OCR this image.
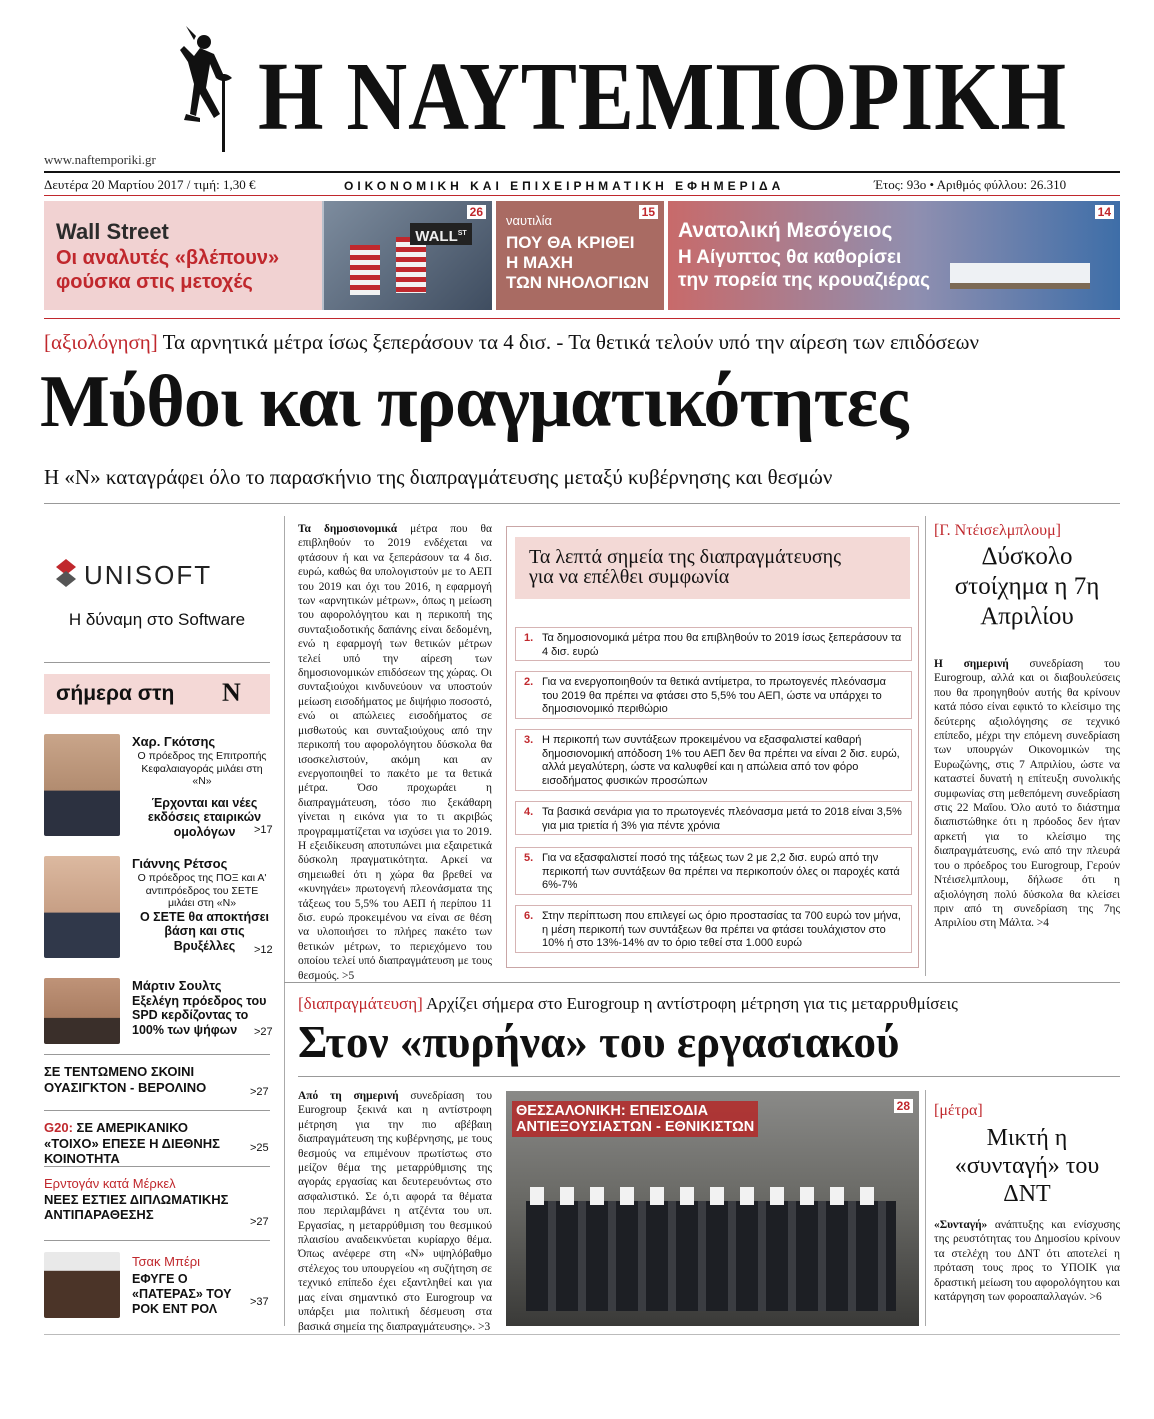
Η ΝΑΥΤΕΜΠΟΡΙΚΗ
www.naftemporiki.gr
Δευτέρα 20 Μαρτίου 2017 / τιμή: 1,30 €	ΟΙΚΟΝΟΜΙΚΗ ΚΑΙ ΕΠΙΧΕΙΡΗΜΑΤΙΚΗ ΕΦΗΜΕΡΙΔΑ	Έτος: 93ο • Αριθμός φύλλου: 26.310
Wall Street
Οι αναλυτές «βλέπουν»
φούσκα στις μετοχές
$WALL^{ST}$
26
ναυτιλία
ΠΟΥ ΘΑ ΚΡΙΘΕΙ
Η ΜΑΧΗ
ΤΩΝ ΝΗΟΛΟΓΙΩΝ
15
Ανατολική Μεσόγειος
Η Αίγυπτος θα καθορίσει
την πορεία της κρουαζιέρας
14
[αξιολόγηση] Τα αρνητικά μέτρα ίσως ξεπεράσουν τα 4 δισ. - Τα θετικά τελούν υπό την αίρεση των επιδόσεων
Μύθοι και πραγματικότητες
Η «Ν» καταγράφει όλο το παρασκήνιο της διαπραγμάτευσης μεταξύ κυβέρνησης και θεσμών
UNISOFT
Η δύναμη στο Software
σήμερα στη Ν
Χαρ. Γκότσης
Ο πρόεδρος της Επιτροπής Κεφαλαιαγοράς μιλάει στη «Ν»
Έρχονται και νέες εκδόσεις εταιρικών ομολόγων	>17
Γιάννης Ρέτσος
Ο πρόεδρος της ΠΟΞ και Α' αντιπρόεδρος του ΣΕΤΕ μιλάει στη «Ν»
Ο ΣΕΤΕ θα αποκτήσει βάση και στις Βρυξέλλες	>12
Μάρτιν Σουλτς
Εξελέγη πρόεδρος του SPD κερδίζοντας το 100% των ψήφων	>27
ΣΕ ΤΕΝΤΩΜΕΝΟ ΣΚΟΙΝΙ ΟΥΑΣΙΓΚΤΟΝ - ΒΕΡΟΛΙΝΟ	>27
G20: ΣΕ ΑΜΕΡΙΚΑΝΙΚΟ «ΤΟΙΧΟ» ΕΠΕΣΕ Η ΔΙΕΘΝΗΣ ΚΟΙΝΟΤΗΤΑ
>25
Ερντογάν κατά Μέρκελ
ΝΕΕΣ ΕΣΤΙΕΣ ΔΙΠΛΩΜΑΤΙΚΗΣ ΑΝΤΙΠΑΡΑΘΕΣΗΣ	>27
Τσακ Μπέρι
ΕΦΥΓΕ Ο «ΠΑΤΕΡΑΣ» ΤΟΥ ΡΟΚ ΕΝΤ ΡΟΛ	>37
Τα δημοσιονομικά μέτρα που θα επιβληθούν το 2019 ενδέχεται να φτάσουν ή και να ξεπεράσουν τα 4 δισ. ευρώ, καθώς θα υπολογιστούν με το ΑΕΠ του 2019 και όχι του 2016, η εφαρμογή των «αρνητικών μέτρων», όπως η μείωση του αφορολόγητου και η περικοπή της συνταξιοδοτικής δαπάνης είναι δεδομένη, ενώ η εφαρμογή των θετικών μέτρων τελεί υπό την αίρεση των δημοσιονομικών επιδόσεων της χώρας. Οι συνταξιούχοι κινδυνεύουν να υποστούν μείωση εισοδήματος με διψήφιο ποσοστό, ενώ οι απώλειες εισοδήματος σε μισθωτούς και συνταξιούχους από την περικοπή του αφορολόγητου δύσκολα θα ισοσκελιστούν, ακόμη και αν ενεργοποιηθεί το πακέτο με τα θετικά μέτρα. Όσο προχωράει η διαπραγμάτευση, τόσο πιο ξεκάθαρη γίνεται η εικόνα για το τι ακριβώς προγραμματίζεται να ισχύσει για το 2019. Η εξειδίκευση αποτυπώνει μια εξαιρετικά δύσκολη πραγματικότητα. Αρκεί να σημειωθεί ότι η χώρα θα βρεθεί να «κυνηγάει» πρωτογενή πλεονάσματα της τάξεως του 5,5% του ΑΕΠ ή περίπου 11 δισ. ευρώ προκειμένου να είναι σε θέση να υλοποιήσει το πλήρες πακέτο των θετικών μέτρων, το περιεχόμενο του οποίου τελεί υπό διαπραγμάτευση με τους θεσμούς. >5
Τα λεπτά σημεία της διαπραγμάτευσης
για να επέλθει συμφωνία
1. Τα δημοσιονομικά μέτρα που θα επιβληθούν το 2019 ίσως ξεπεράσουν τα 4 δισ. ευρώ
2. Για να ενεργοποιηθούν τα θετικά αντίμετρα, το πρωτογενές πλεόνασμα του 2019 θα πρέπει να φτάσει στο 5,5% του ΑΕΠ, ώστε να υπάρχει το δημοσιονομικό περιθώριο
3. Η περικοπή των συντάξεων προκειμένου να εξασφαλιστεί καθαρή δημοσιονομική απόδοση 1% του ΑΕΠ δεν θα πρέπει να είναι 2 δισ. ευρώ, αλλά μεγαλύτερη, ώστε να καλυφθεί και η απώλεια από τον φόρο εισοδήματος φυσικών προσώπων
4. Τα βασικά σενάρια για το πρωτογενές πλεόνασμα μετά το 2018 είναι 3,5% για μια τριετία ή 3% για πέντε χρόνια
5. Για να εξασφαλιστεί ποσό της τάξεως των 2 με 2,2 δισ. ευρώ από την περικοπή των συντάξεων θα πρέπει να περικοπούν όλες οι παροχές κατά 6%-7%
6. Στην περίπτωση που επιλεγεί ως όριο προστασίας τα 700 ευρώ τον μήνα, η μέση περικοπή των συντάξεων θα πρέπει να φτάσει τουλάχιστον στο 10% ή στο 13%-14% αν το όριο τεθεί στα 1.000 ευρώ
[Γ. Ντέισελμπλουμ]
Δύσκολο στοίχημα η 7η Απριλίου
Η σημερινή συνεδρίαση του Eurogroup, αλλά και οι διαβουλεύσεις που θα προηγηθούν αυτής θα κρίνουν κατά πόσο είναι εφικτό το κλείσιμο της δεύτερης αξιολόγησης σε τεχνικό επίπεδο, μέχρι την επόμενη συνεδρίαση των υπουργών Οικονομικών της Ευρωζώνης, στις 7 Απριλίου, ώστε να καταστεί δυνατή η επίτευξη συνολικής συμφωνίας στη μεθεπόμενη συνεδρίαση στις 22 Μαΐου. Όλο αυτό το διάστημα διαπιστώθηκε ότι η πρόοδος δεν ήταν αρκετή για το κλείσιμο της διαπραγμάτευσης, ενώ από την πλευρά του ο πρόεδρος του Eurogroup, Γερούν Ντέισελμπλουμ, δήλωσε ότι η αξιολόγηση πολύ δύσκολα θα κλείσει πριν από τη συνεδρίαση της 7ης Απριλίου στη Μάλτα. >4
[διαπραγμάτευση] Αρχίζει σήμερα στο Eurogroup η αντίστροφη μέτρηση για τις μεταρρυθμίσεις
Στον «πυρήνα» του εργασιακού
Από τη σημερινή συνεδρίαση του Eurogroup ξεκινά και η αντίστροφη μέτρηση για την πιο αβέβαιη διαπραγμάτευση της κυβέρνησης, με τους θεσμούς να επιμένουν πρωτίστως στο μείζον θέμα της μεταρρύθμισης της αγοράς εργασίας και δευτερευόντως στο ασφαλιστικό. Σε ό,τι αφορά τα θέματα που περιλαμβάνει η ατζέντα του υπ. Εργασίας, η μεταρρύθμιση του θεσμικού πλαισίου αναδεικνύεται κυρίαρχο θέμα. Όπως ανέφερε στη «Ν» υψηλόβαθμο στέλεχος του υπουργείου «η συζήτηση σε τεχνικό επίπεδο έχει εξαντληθεί και για μας είναι σημαντικό στο Eurogroup να υπάρξει μια πολιτική δέσμευση στα βασικά σημεία της διαπραγμάτευσης». >3
ΘΕΣΣΑΛΟΝΙΚΗ: ΕΠΕΙΣΟΔΙΑ
ΑΝΤΙΕΞΟΥΣΙΑΣΤΩΝ - ΕΘΝΙΚΙΣΤΩΝ
28 [μέτρα]
Μικτή η «συνταγή» του ΔΝΤ
«Συνταγή» ανάπτυξης και ενίσχυσης της ρευστότητας του Δημοσίου κρίνουν τα στελέχη του ΔΝΤ ότι αποτελεί η πρόταση τους προς το ΥΠΟΙΚ για δραστική μείωση του αφορολόγητου και κατάργηση των φοροαπαλλαγών. >6
